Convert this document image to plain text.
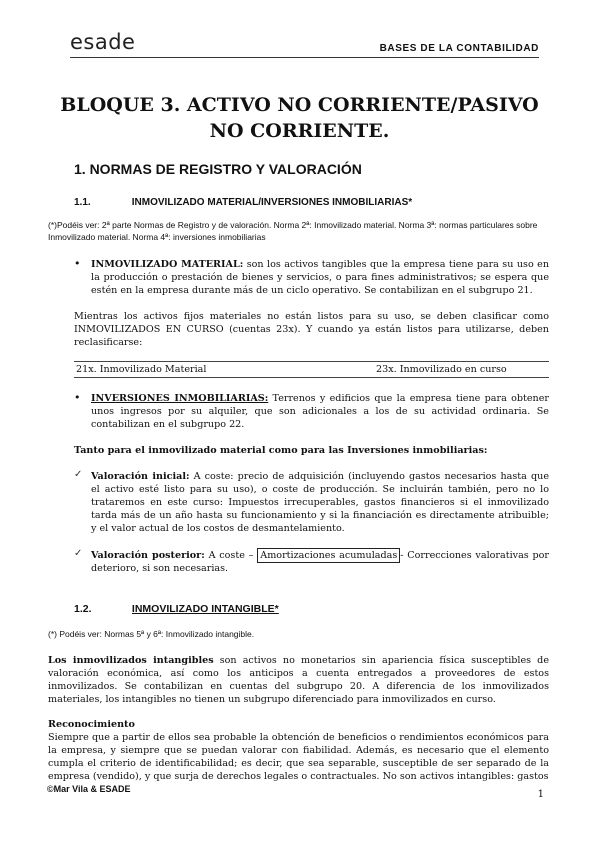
esade	BASES DE LA CONTABILIDAD
BLOQUE 3. ACTIVO NO CORRIENTE/PASIVO
NO CORRIENTE.
1. NORMAS DE REGISTRO Y VALORACIÓN
1.1.	INMOVILIZADO MATERIAL/INVERSIONES INMOBILIARIAS*
(*)Podéis ver: 2ª parte Normas de Registro y de valoración. Norma 2ª: Inmovilizado material. Norma 3ª: normas particulares sobre Inmovilizado material. Norma 4ª: inversiones inmobiliarias
• INMOVILIZADO MATERIAL: son los activos tangibles que la empresa tiene para su uso en la producción o prestación de bienes y servicios, o para fines administrativos; se espera que estén en la empresa durante más de un ciclo operativo. Se contabilizan en el subgrupo 21.
Mientras los activos fijos materiales no están listos para su uso, se deben clasificar como INMOVILIZADOS EN CURSO (cuentas 23x). Y cuando ya están listos para utilizarse, deben reclasificarse:
21x. Inmovilizado Material	23x. Inmovilizado en curso
• INVERSIONES INMOBILIARIAS: Terrenos y edificios que la empresa tiene para obtener unos ingresos por su alquiler, que son adicionales a los de su actividad ordinaria. Se contabilizan en el subgrupo 22.
Tanto para el inmovilizado material como para las Inversiones inmobiliarias:
✓ Valoración inicial: A coste: precio de adquisición (incluyendo gastos necesarios hasta que el activo esté listo para su uso), o coste de producción. Se incluirán también, pero no lo trataremos en este curso: Impuestos irrecuperables, gastos financieros si el inmovilizado tarda más de un año hasta su funcionamiento y si la financiación es directamente atribuible; y el valor actual de los costos de desmantelamiento.
✓ Valoración posterior: A coste – Amortizaciones acumuladas - Correcciones valorativas por deterioro, si son necesarias.
1.2.	INMOVILIZADO INTANGIBLE*
(*) Podéis ver: Normas 5ª y 6ª: Inmovilizado intangible.
Los inmovilizados intangibles son activos no monetarios sin apariencia física susceptibles de valoración económica, así como los anticipos a cuenta entregados a proveedores de estos inmovilizados. Se contabilizan en cuentas del subgrupo 20. A diferencia de los inmovilizados materiales, los intangibles no tienen un subgrupo diferenciado para inmovilizados en curso.
Reconocimiento
Siempre que a partir de ellos sea probable la obtención de beneficios o rendimientos económicos para la empresa, y siempre que se puedan valorar con fiabilidad. Además, es necesario que el elemento cumpla el criterio de identificabilidad; es decir, que sea separable, susceptible de ser separado de la empresa (vendido), y que surja de derechos legales o contractuales. No son activos intangibles: gastos
©Mar Vila & ESADE	1
